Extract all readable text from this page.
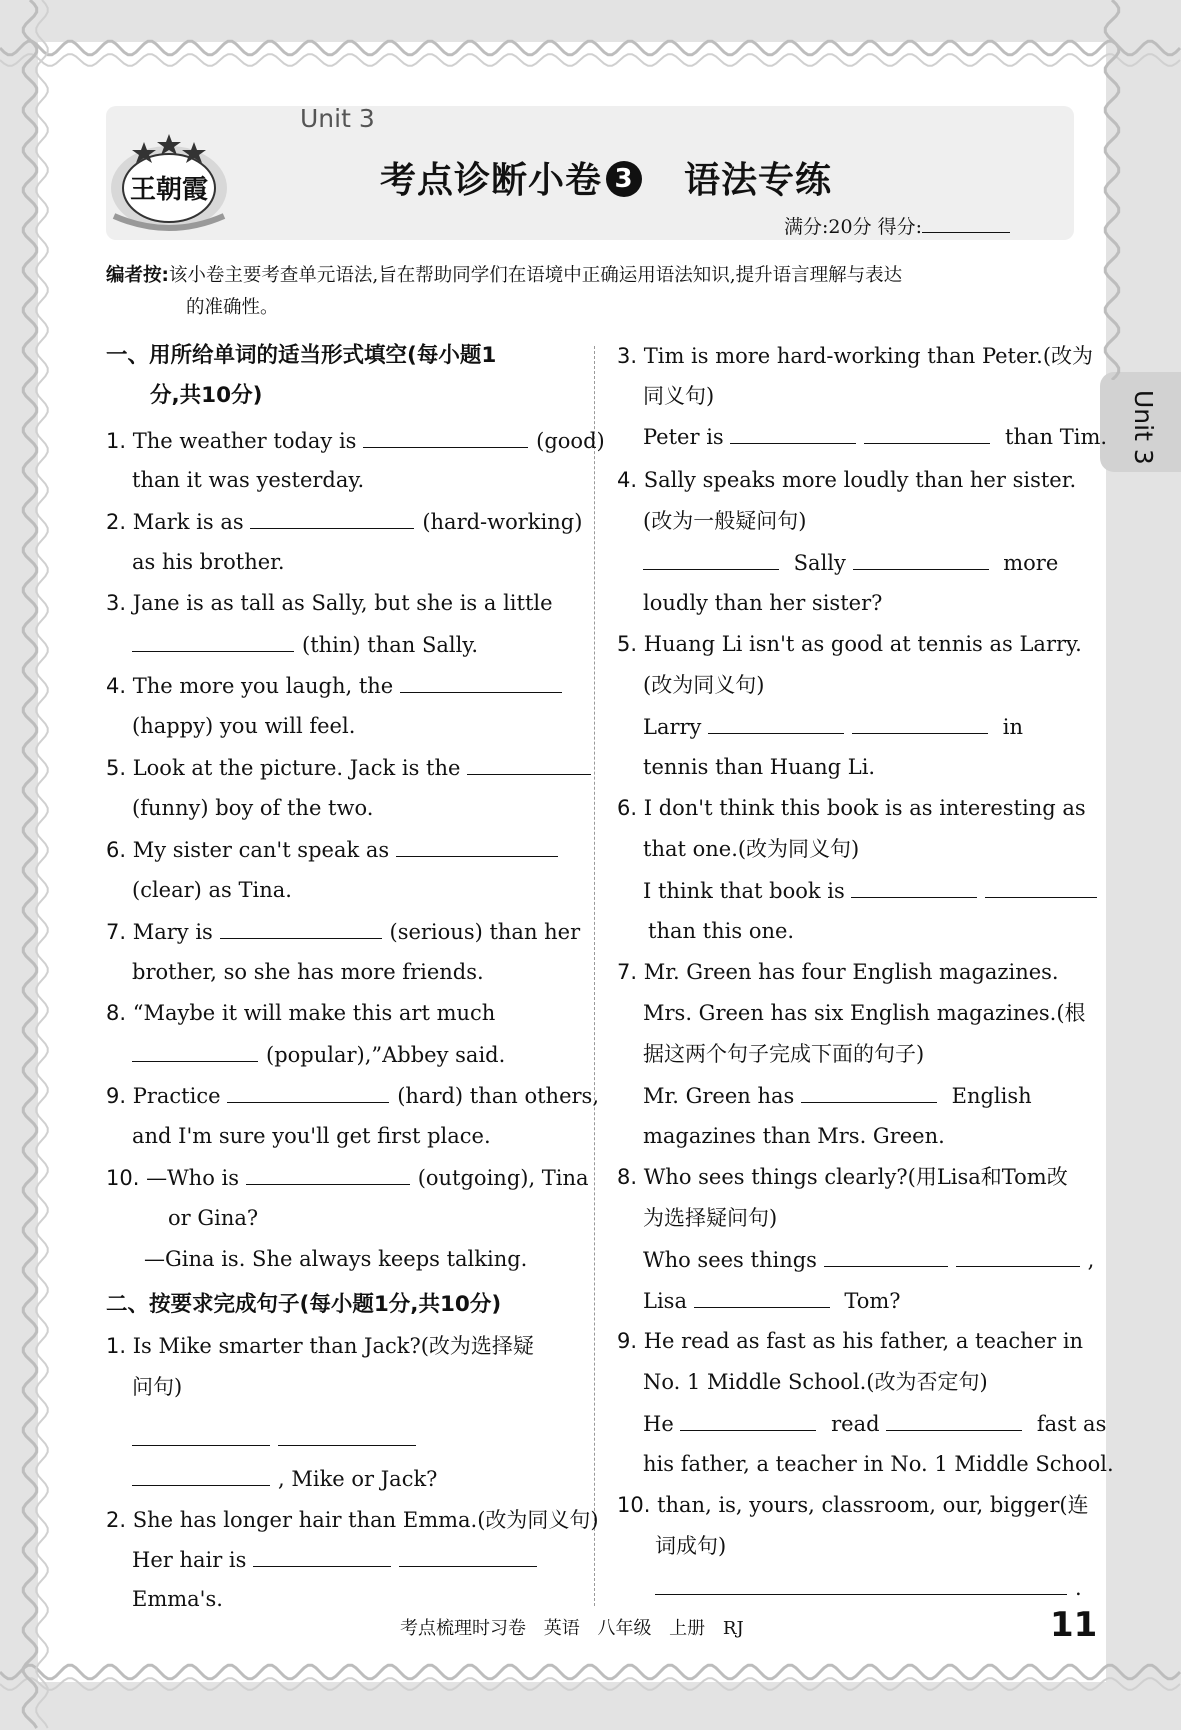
王朝霞
Unit 3
考点诊断小卷 3 语法专练
满分:20分 得分:
Unit 3
编者按:该小卷主要考查单元语法,旨在帮助同学们在语境中正确运用语法知识,提升语言理解与表达
的准确性。
一、用所给单词的适当形式填空(每小题1
分,共10分)
1. The weather today is	(good)
than it was yesterday.
2. Mark is as	(hard-working)
as his brother.
3. Jane is as tall as Sally, but she is a little
(thin) than Sally.
4. The more you laugh, the
(happy) you will feel.
5. Look at the picture. Jack is the
(funny) boy of the two.
6. My sister can't speak as
(clear) as Tina.
7. Mary is	(serious) than her
brother, so she has more friends.
8. “Maybe it will make this art much
(popular),”Abbey said.
9. Practice	(hard) than others,
and I'm sure you'll get first place.
10. —Who is	(outgoing), Tina
or Gina?
—Gina is. She always keeps talking.
二、按要求完成句子(每小题1分,共10分)
1. Is Mike smarter than Jack?(改为选择疑
问句)
, Mike or Jack?
2. She has longer hair than Emma.(改为同义句)
Her hair is
Emma's.
3. Tim is more hard-working than Peter.(改为
同义句)
Peter is	than Tim.
4. Sally speaks more loudly than her sister.
(改为一般疑问句)
Sally	more
loudly than her sister?
5. Huang Li isn't as good at tennis as Larry.
(改为同义句)
Larry	in
tennis than Huang Li.
6. I don't think this book is as interesting as
that one.(改为同义句)
I think that book is
than this one.
7. Mr. Green has four English magazines.
Mrs. Green has six English magazines.(根
据这两个句子完成下面的句子)
Mr. Green has	English
magazines than Mrs. Green.
8. Who sees things clearly?(用Lisa和Tom改
为选择疑问句)
Who sees things	,
Lisa	Tom?
9. He read as fast as his father, a teacher in
No. 1 Middle School.(改为否定句)
He	read	fast as
his father, a teacher in No. 1 Middle School.
10. than, is, yours, classroom, our, bigger(连
词成句)
.
考点梳理时习卷 英语 八年级 上册 RJ	11
